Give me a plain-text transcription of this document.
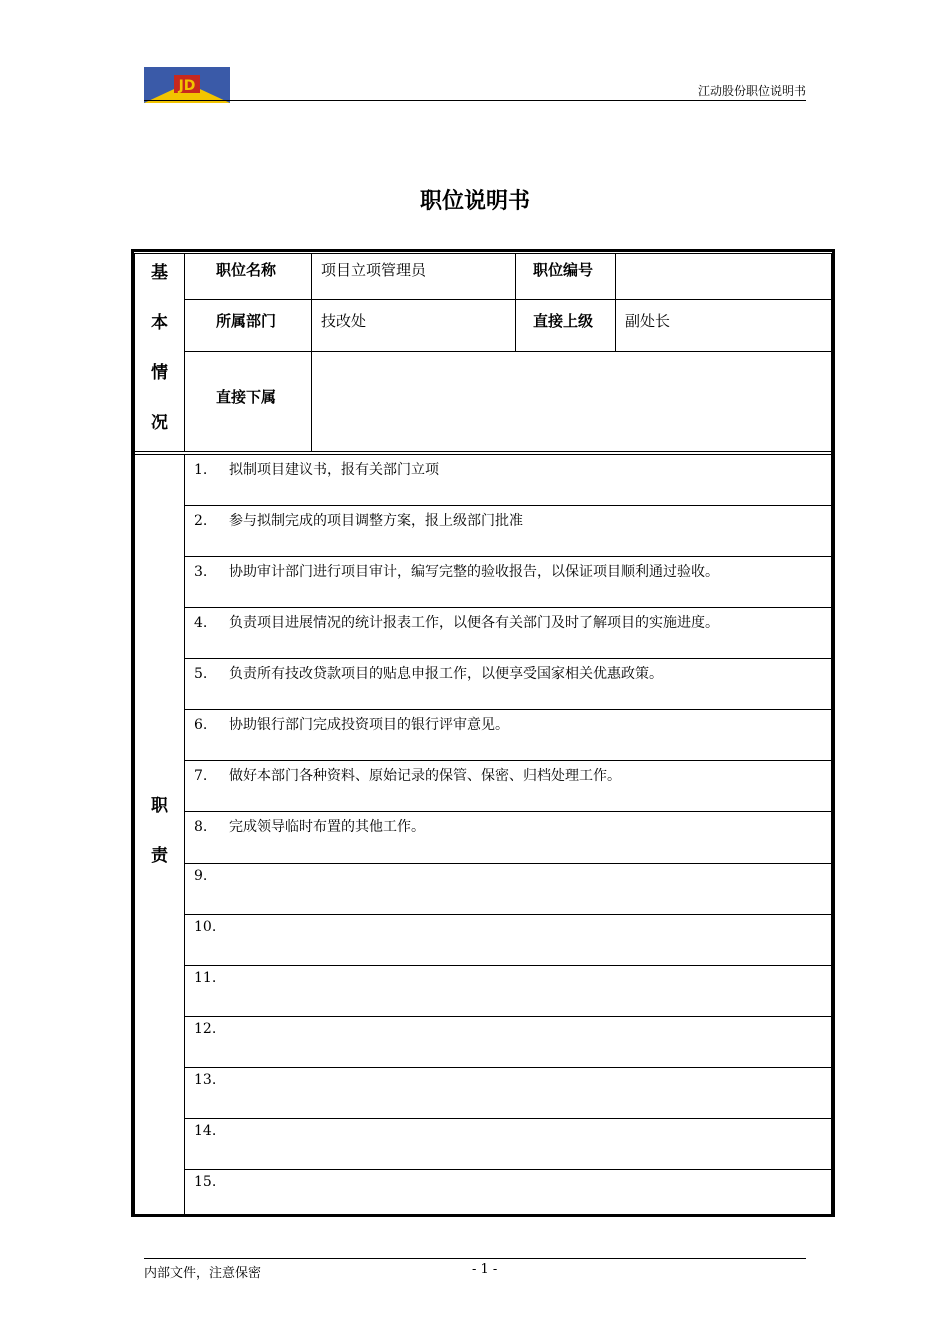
JD	江动股份职位说明书
职位说明书
基
本
情
况
职位名称	项目立项管理员	职位编号
所属部门	技改处	直接上级 副处长
直接下属
职
责
1. 拟制项目建议书，报有关部门立项
2. 参与拟制完成的项目调整方案，报上级部门批准
3. 协助审计部门进行项目审计，编写完整的验收报告，以保证项目顺利通过验收。
4. 负责项目进展情况的统计报表工作，以便各有关部门及时了解项目的实施进度。
5. 负责所有技改贷款项目的贴息申报工作，以便享受国家相关优惠政策。
6. 协助银行部门完成投资项目的银行评审意见。
7. 做好本部门各种资料、原始记录的保管、保密、归档处理工作。
8. 完成领导临时布置的其他工作。
9.
10.
11.
12.
13.
14.
15.
内部文件，注意保密	- 1 -
